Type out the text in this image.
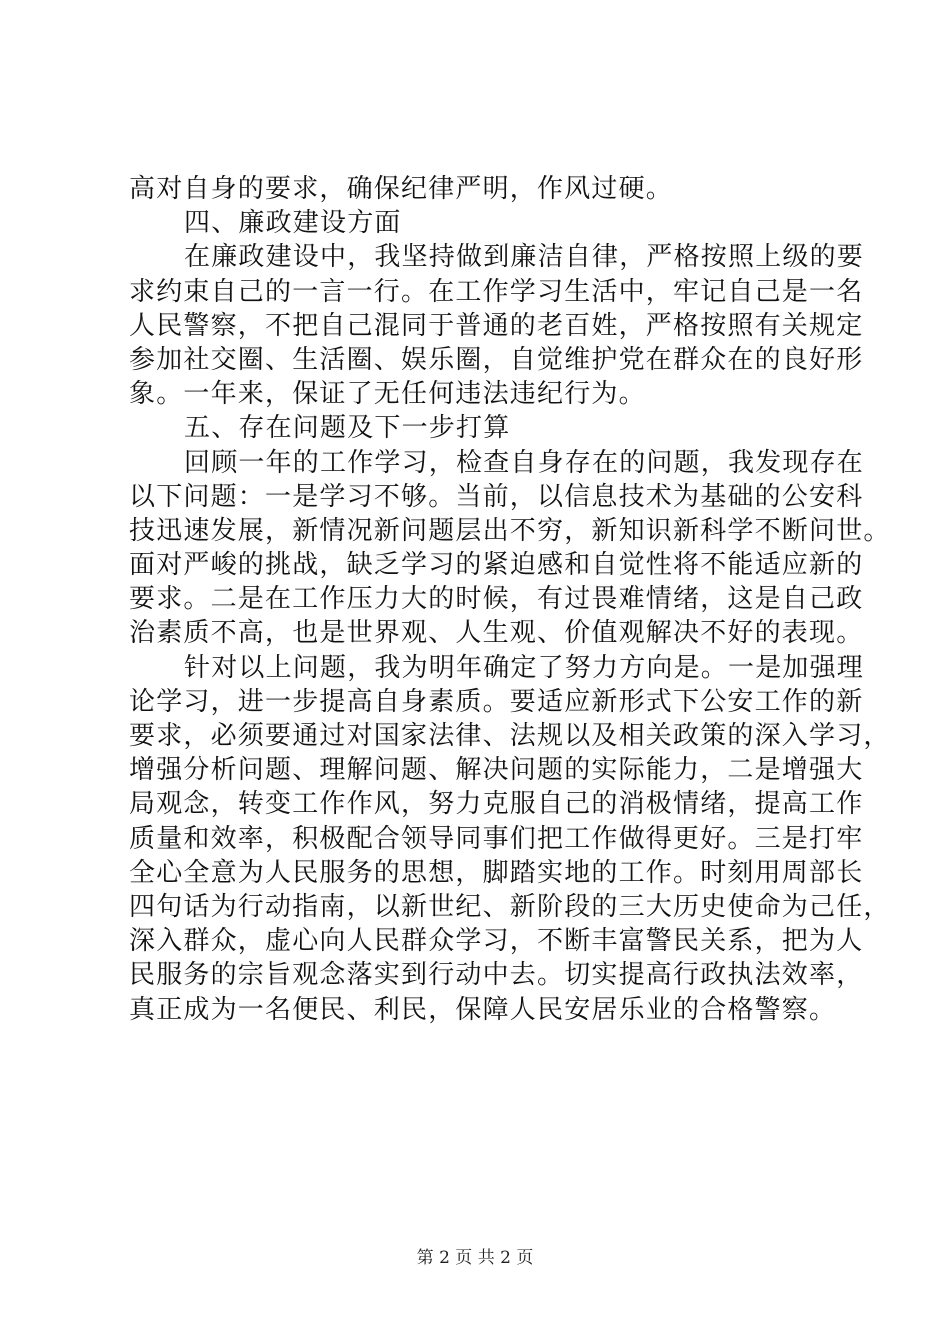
高对自身的要求，确保纪律严明，作风过硬。
四、廉政建设方面
在廉政建设中，我坚持做到廉洁自律，严格按照上级的要
求约束自己的一言一行。在工作学习生活中，牢记自己是一名
人民警察，不把自己混同于普通的老百姓，严格按照有关规定
参加社交圈、生活圈、娱乐圈，自觉维护党在群众在的良好形
象。一年来，保证了无任何违法违纪行为。
五、存在问题及下一步打算
回顾一年的工作学习，检查自身存在的问题，我发现存在
以下问题：一是学习不够。当前，以信息技术为基础的公安科
技迅速发展，新情况新问题层出不穷，新知识新科学不断问世。
面对严峻的挑战，缺乏学习的紧迫感和自觉性将不能适应新的
要求。二是在工作压力大的时候，有过畏难情绪，这是自己政
治素质不高，也是世界观、人生观、价值观解决不好的表现。
针对以上问题，我为明年确定了努力方向是。一是加强理
论学习，进一步提高自身素质。要适应新形式下公安工作的新
要求，必须要通过对国家法律、法规以及相关政策的深入学习，
增强分析问题、理解问题、解决问题的实际能力，二是增强大
局观念，转变工作作风，努力克服自己的消极情绪，提高工作
质量和效率，积极配合领导同事们把工作做得更好。三是打牢
全心全意为人民服务的思想，脚踏实地的工作。时刻用周部长
四句话为行动指南，以新世纪、新阶段的三大历史使命为己任，
深入群众，虚心向人民群众学习，不断丰富警民关系，把为人
民服务的宗旨观念落实到行动中去。切实提高行政执法效率，
真正成为一名便民、利民，保障人民安居乐业的合格警察。
第 2 页 共 2 页
